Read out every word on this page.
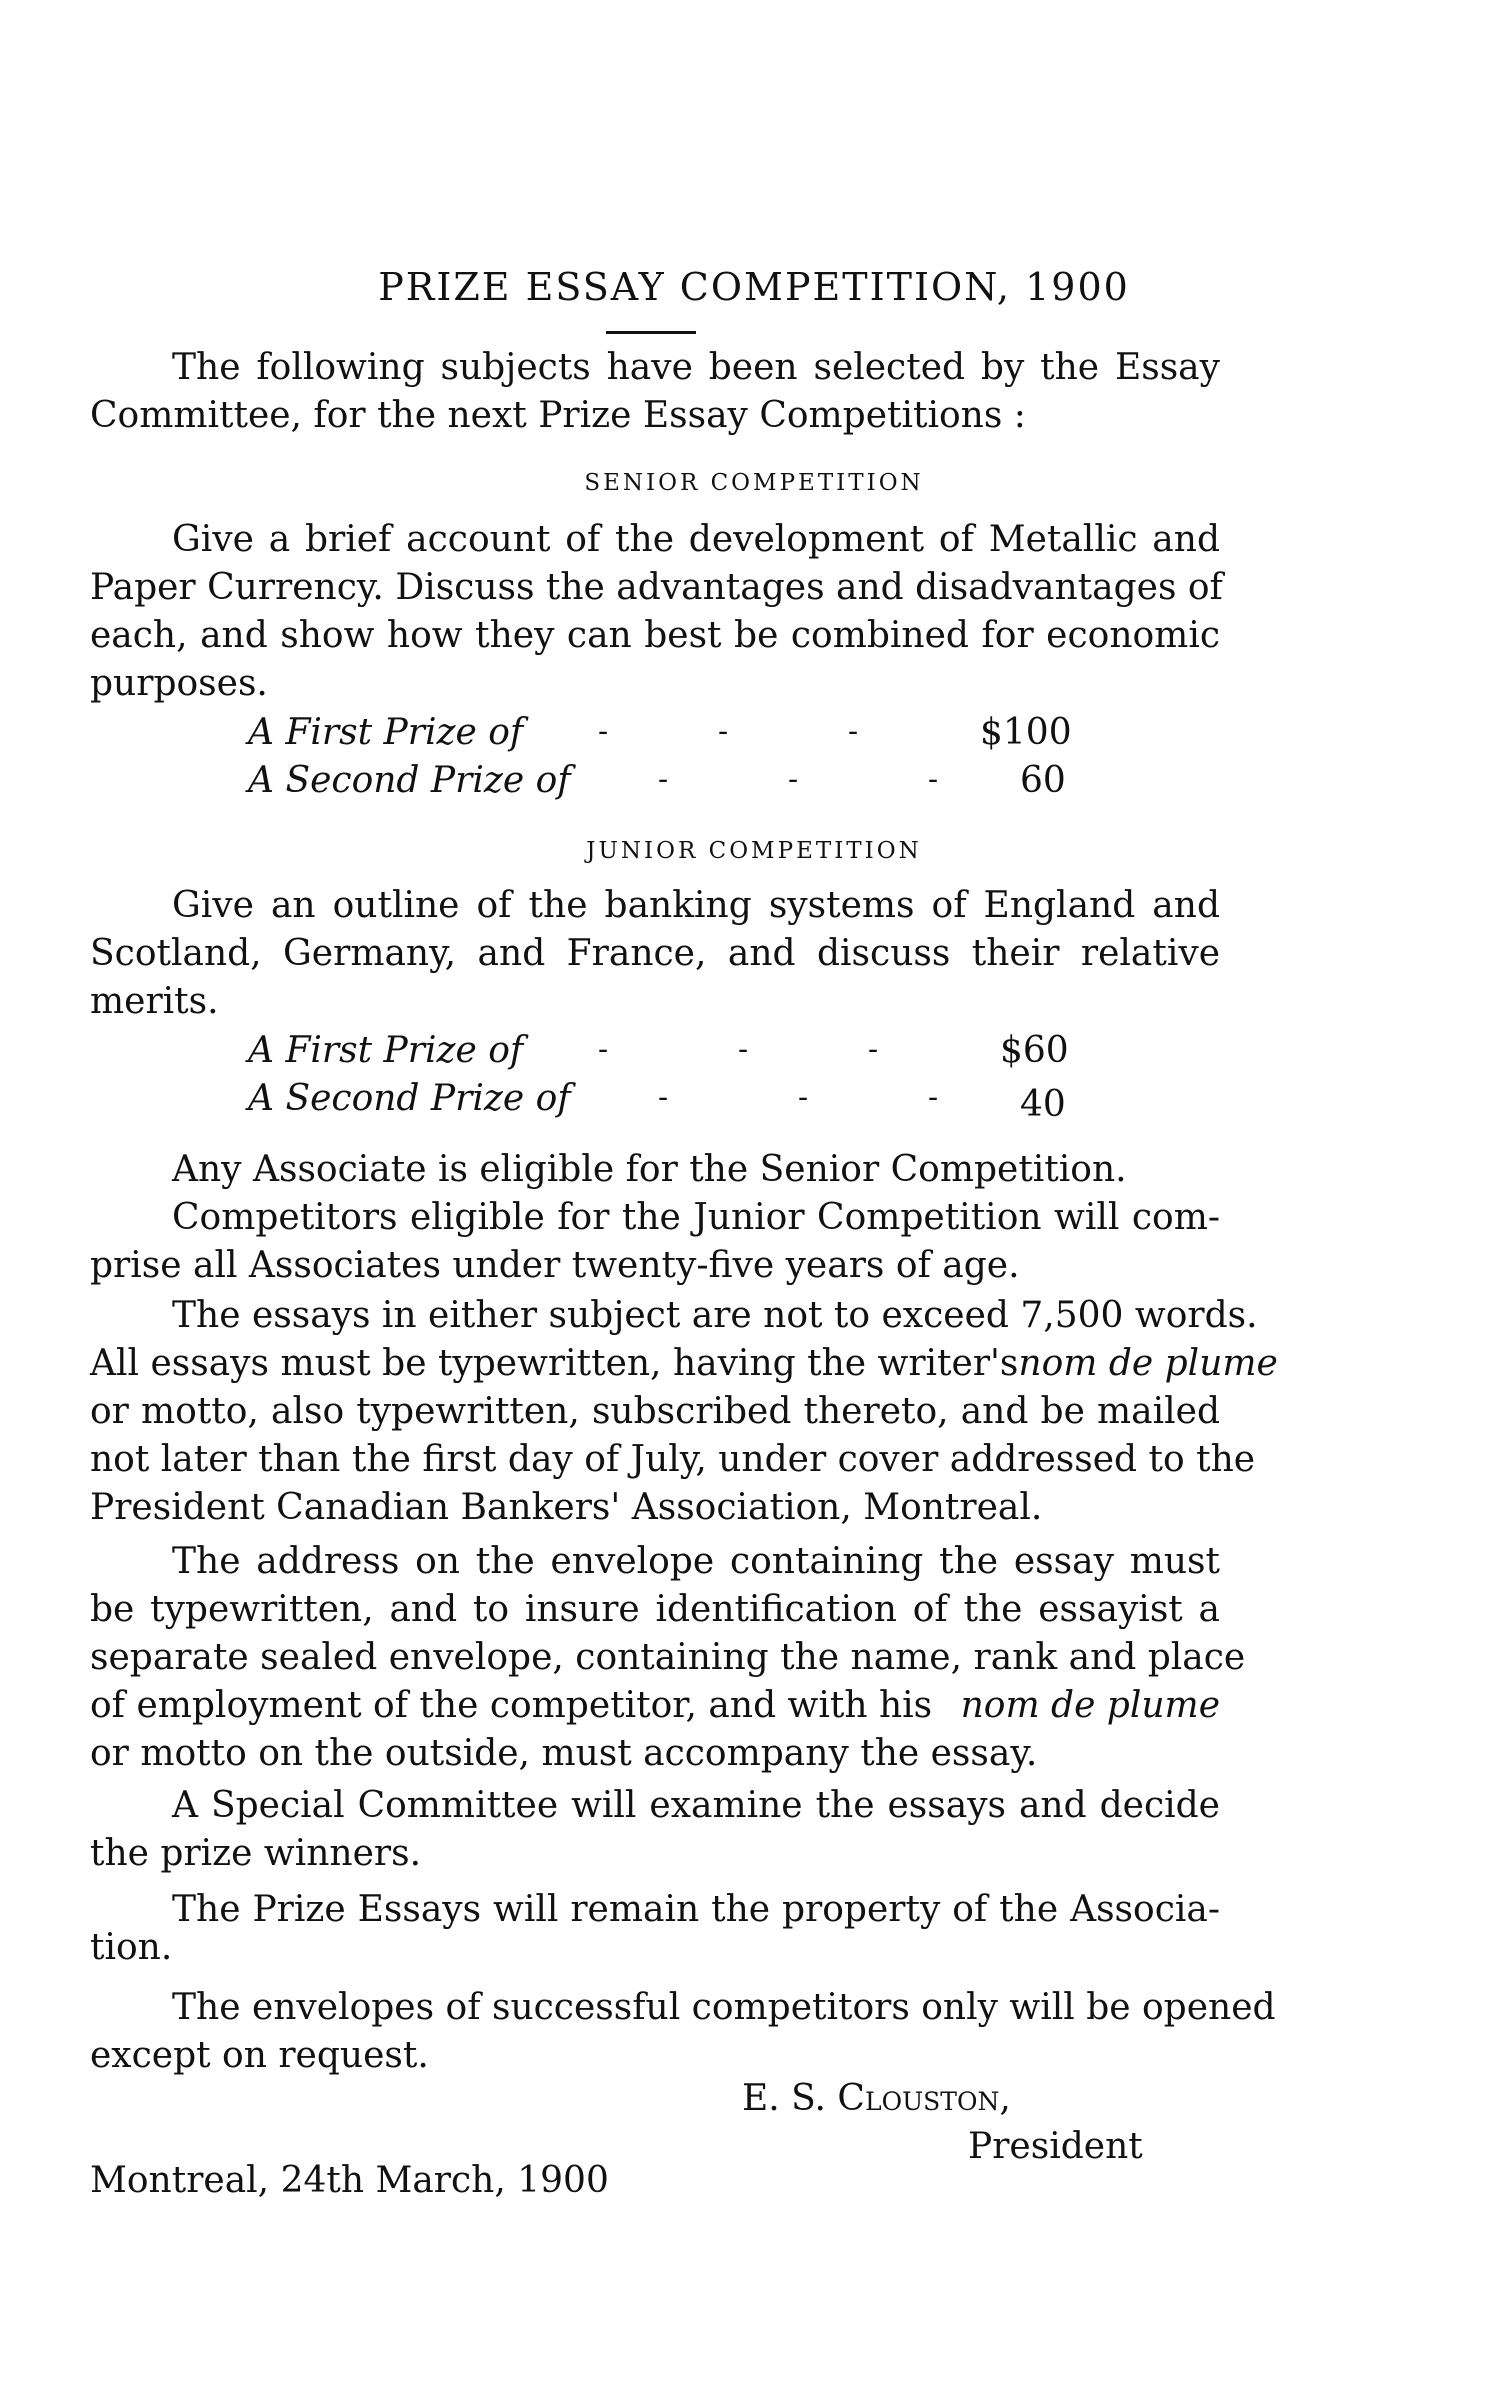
PRIZE ESSAY COMPETITION, 1900
The following subjects have been selected by the Essay
Committee, for the next Prize Essay Competitions :
SENIOR COMPETITION
Give a brief account of the development of Metallic and
Paper Currency. Discuss the advantages and disadvantages of
each, and show how they can best be combined for economic
purposes.
A First Prize of -	-	-	$100
A Second Prize of	-	-	- 60
JUNIOR COMPETITION
Give an outline of the banking systems of England and
Scotland, Germany, and France, and discuss their relative
merits.
A First Prize of -	-	-	$60
A Second Prize of	-	-	- 40
Any Associate is eligible for the Senior Competition.
Competitors eligible for the Junior Competition will com-
prise all Associates under twenty-five years of age.
The essays in either subject are not to exceed 7,500 words.
All essays must be typewritten, having the writer's nom de plume
or motto, also typewritten, subscribed thereto, and be mailed
not later than the first day of July, under cover addressed to the
President Canadian Bankers' Association, Montreal.
The address on the envelope containing the essay must
be typewritten, and to insure identification of the essayist a
separate sealed envelope, containing the name, rank and place
of employment of the competitor, and with his nom de plume
or motto on the outside, must accompany the essay.
A Special Committee will examine the essays and decide
the prize winners.
The Prize Essays will remain the property of the Associa-
tion.
The envelopes of successful competitors only will be opened
except on request.
E. S. Clouston,
President
Montreal, 24th March, 1900
